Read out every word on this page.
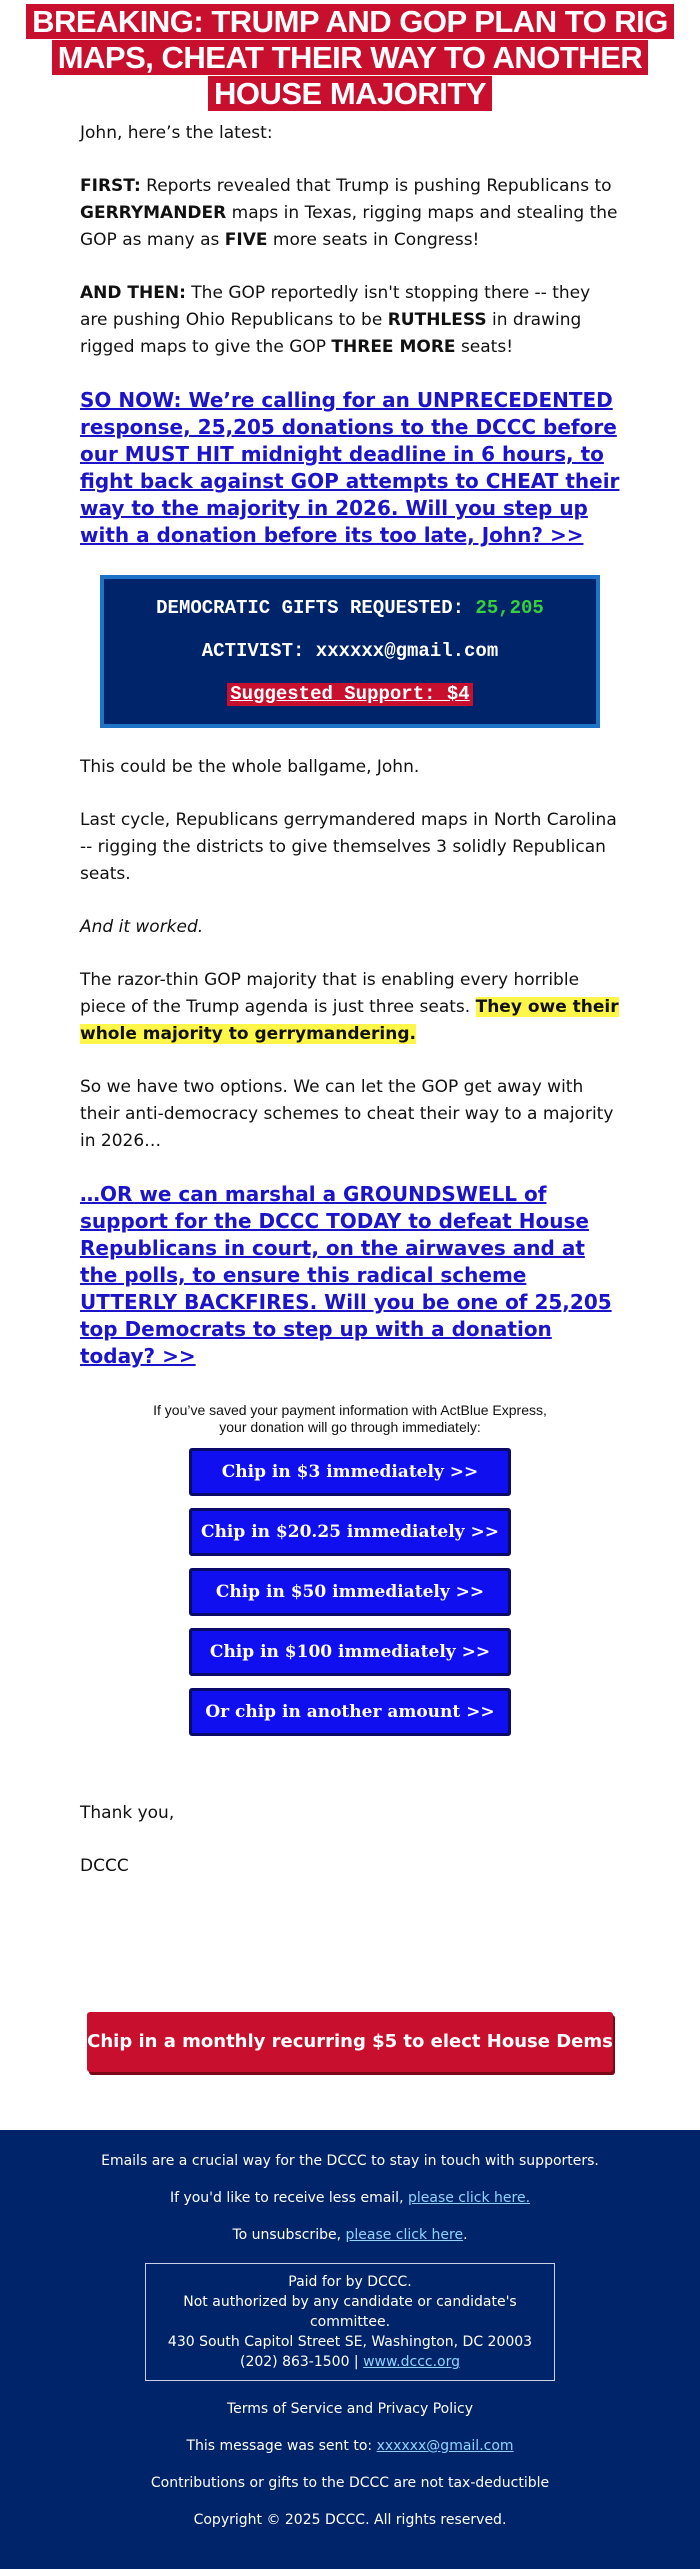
BREAKING: TRUMP AND GOP PLAN TO RIG MAPS, CHEAT THEIR WAY TO ANOTHER HOUSE MAJORITY

John, here’s the latest:

FIRST: Reports revealed that Trump is pushing Republicans to GERRYMANDER maps in Texas, rigging maps and stealing the GOP as many as FIVE more seats in Congress!

AND THEN: The GOP reportedly isn't stopping there -- they are pushing Ohio Republicans to be RUTHLESS in drawing rigged maps to give the GOP THREE MORE seats!

SO NOW: We’re calling for an UNPRECEDENTED response, 25,205 donations to the DCCC before our MUST HIT midnight deadline in 6 hours, to fight back against GOP attempts to CHEAT their way to the majority in 2026. Will you step up with a donation before its too late, John? >>
DEMOCRATIC GIFTS REQUESTED: 25,205
ACTIVIST: xxxxxx@gmail.com
Suggested Support: $4

This could be the whole ballgame, John.

Last cycle, Republicans gerrymandered maps in North Carolina -- rigging the districts to give themselves 3 solidly Republican seats.

And it worked.

The razor-thin GOP majority that is enabling every horrible piece of the Trump agenda is just three seats. They owe their whole majority to gerrymandering.

So we have two options. We can let the GOP get away with their anti-democracy schemes to cheat their way to a majority in 2026…

…OR we can marshal a GROUNDSWELL of support for the DCCC TODAY to defeat House Republicans in court, on the airwaves and at the polls, to ensure this radical scheme UTTERLY BACKFIRES. Will you be one of 25,205 top Democrats to step up with a donation today? >>

If you’ve saved your payment information with ActBlue Express,

your donation will go through immediately:

Chip in $3 immediately >>
Chip in $20.25 immediately >>
Chip in $50 immediately >>
Chip in $100 immediately >>
Or chip in another amount >>

Thank you,

DCCC

Chip in a monthly recurring $5 to elect House Dems >>

Emails are a crucial way for the DCCC to stay in touch with supporters.

If you'd like to receive less email, please click here.

To unsubscribe, please click here.

Paid for by DCCC.
Not authorized by any candidate or candidate's committee.
430 South Capitol Street SE, Washington, DC 20003
(202) 863-1500 | www.dccc.org

Terms of Service and Privacy Policy

This message was sent to: xxxxxx@gmail.com

Contributions or gifts to the DCCC are not tax-deductible

Copyright © 2025 DCCC. All rights reserved.
